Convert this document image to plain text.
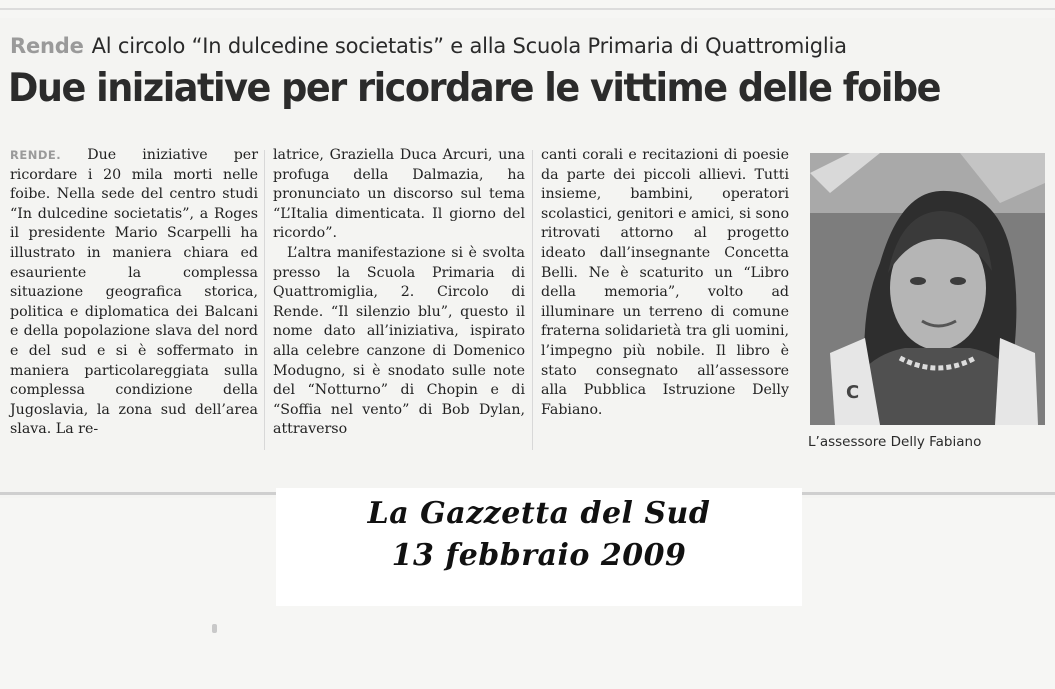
Rende Al circolo “In dulcedine societatis” e alla Scuola Primaria di Quattromiglia
Due iniziative per ricordare le vittime delle foibe

RENDE. Due iniziative per ricordare i 20 mila morti nelle foibe. Nella sede del centro studi “In dulcedine societatis”, a Roges il presidente Mario Scarpelli ha illustrato in maniera chiara ed esauriente la complessa situazione geografica storica, politica e diplomatica dei Balcani e della popolazione slava del nord e del sud e si è soffermato in maniera particolareggiata sulla complessa condizione della Jugoslavia, la zona sud dell’area slava. La re-

latrice, Graziella Duca Arcuri, una profuga della Dalmazia, ha pronunciato un discorso sul tema “L’Italia dimenticata. Il giorno del ricordo”.

L’altra manifestazione si è svolta presso la Scuola Primaria di Quattromiglia, 2. Circolo di Rende. “Il silenzio blu”, questo il nome dato all’iniziativa, ispirato alla celebre canzone di Domenico Modugno, si è snodato sulle note del “Notturno” di Chopin e di “Soffia nel vento” di Bob Dylan, attraverso

canti corali e recitazioni di poesie da parte dei piccoli allievi. Tutti insieme, bambini, operatori scolastici, genitori e amici, si sono ritrovati attorno al progetto ideato dall’insegnante Concetta Belli. Ne è scaturito un “Libro della memoria”, volto ad illuminare un terreno di comune fraterna solidarietà tra gli uomini, l’impegno più nobile. Il libro è stato consegnato all’assessore alla Pubblica Istruzione Delly Fabiano.

C
L’assessore Delly Fabiano
La Gazzetta del Sud
13 febbraio 2009
